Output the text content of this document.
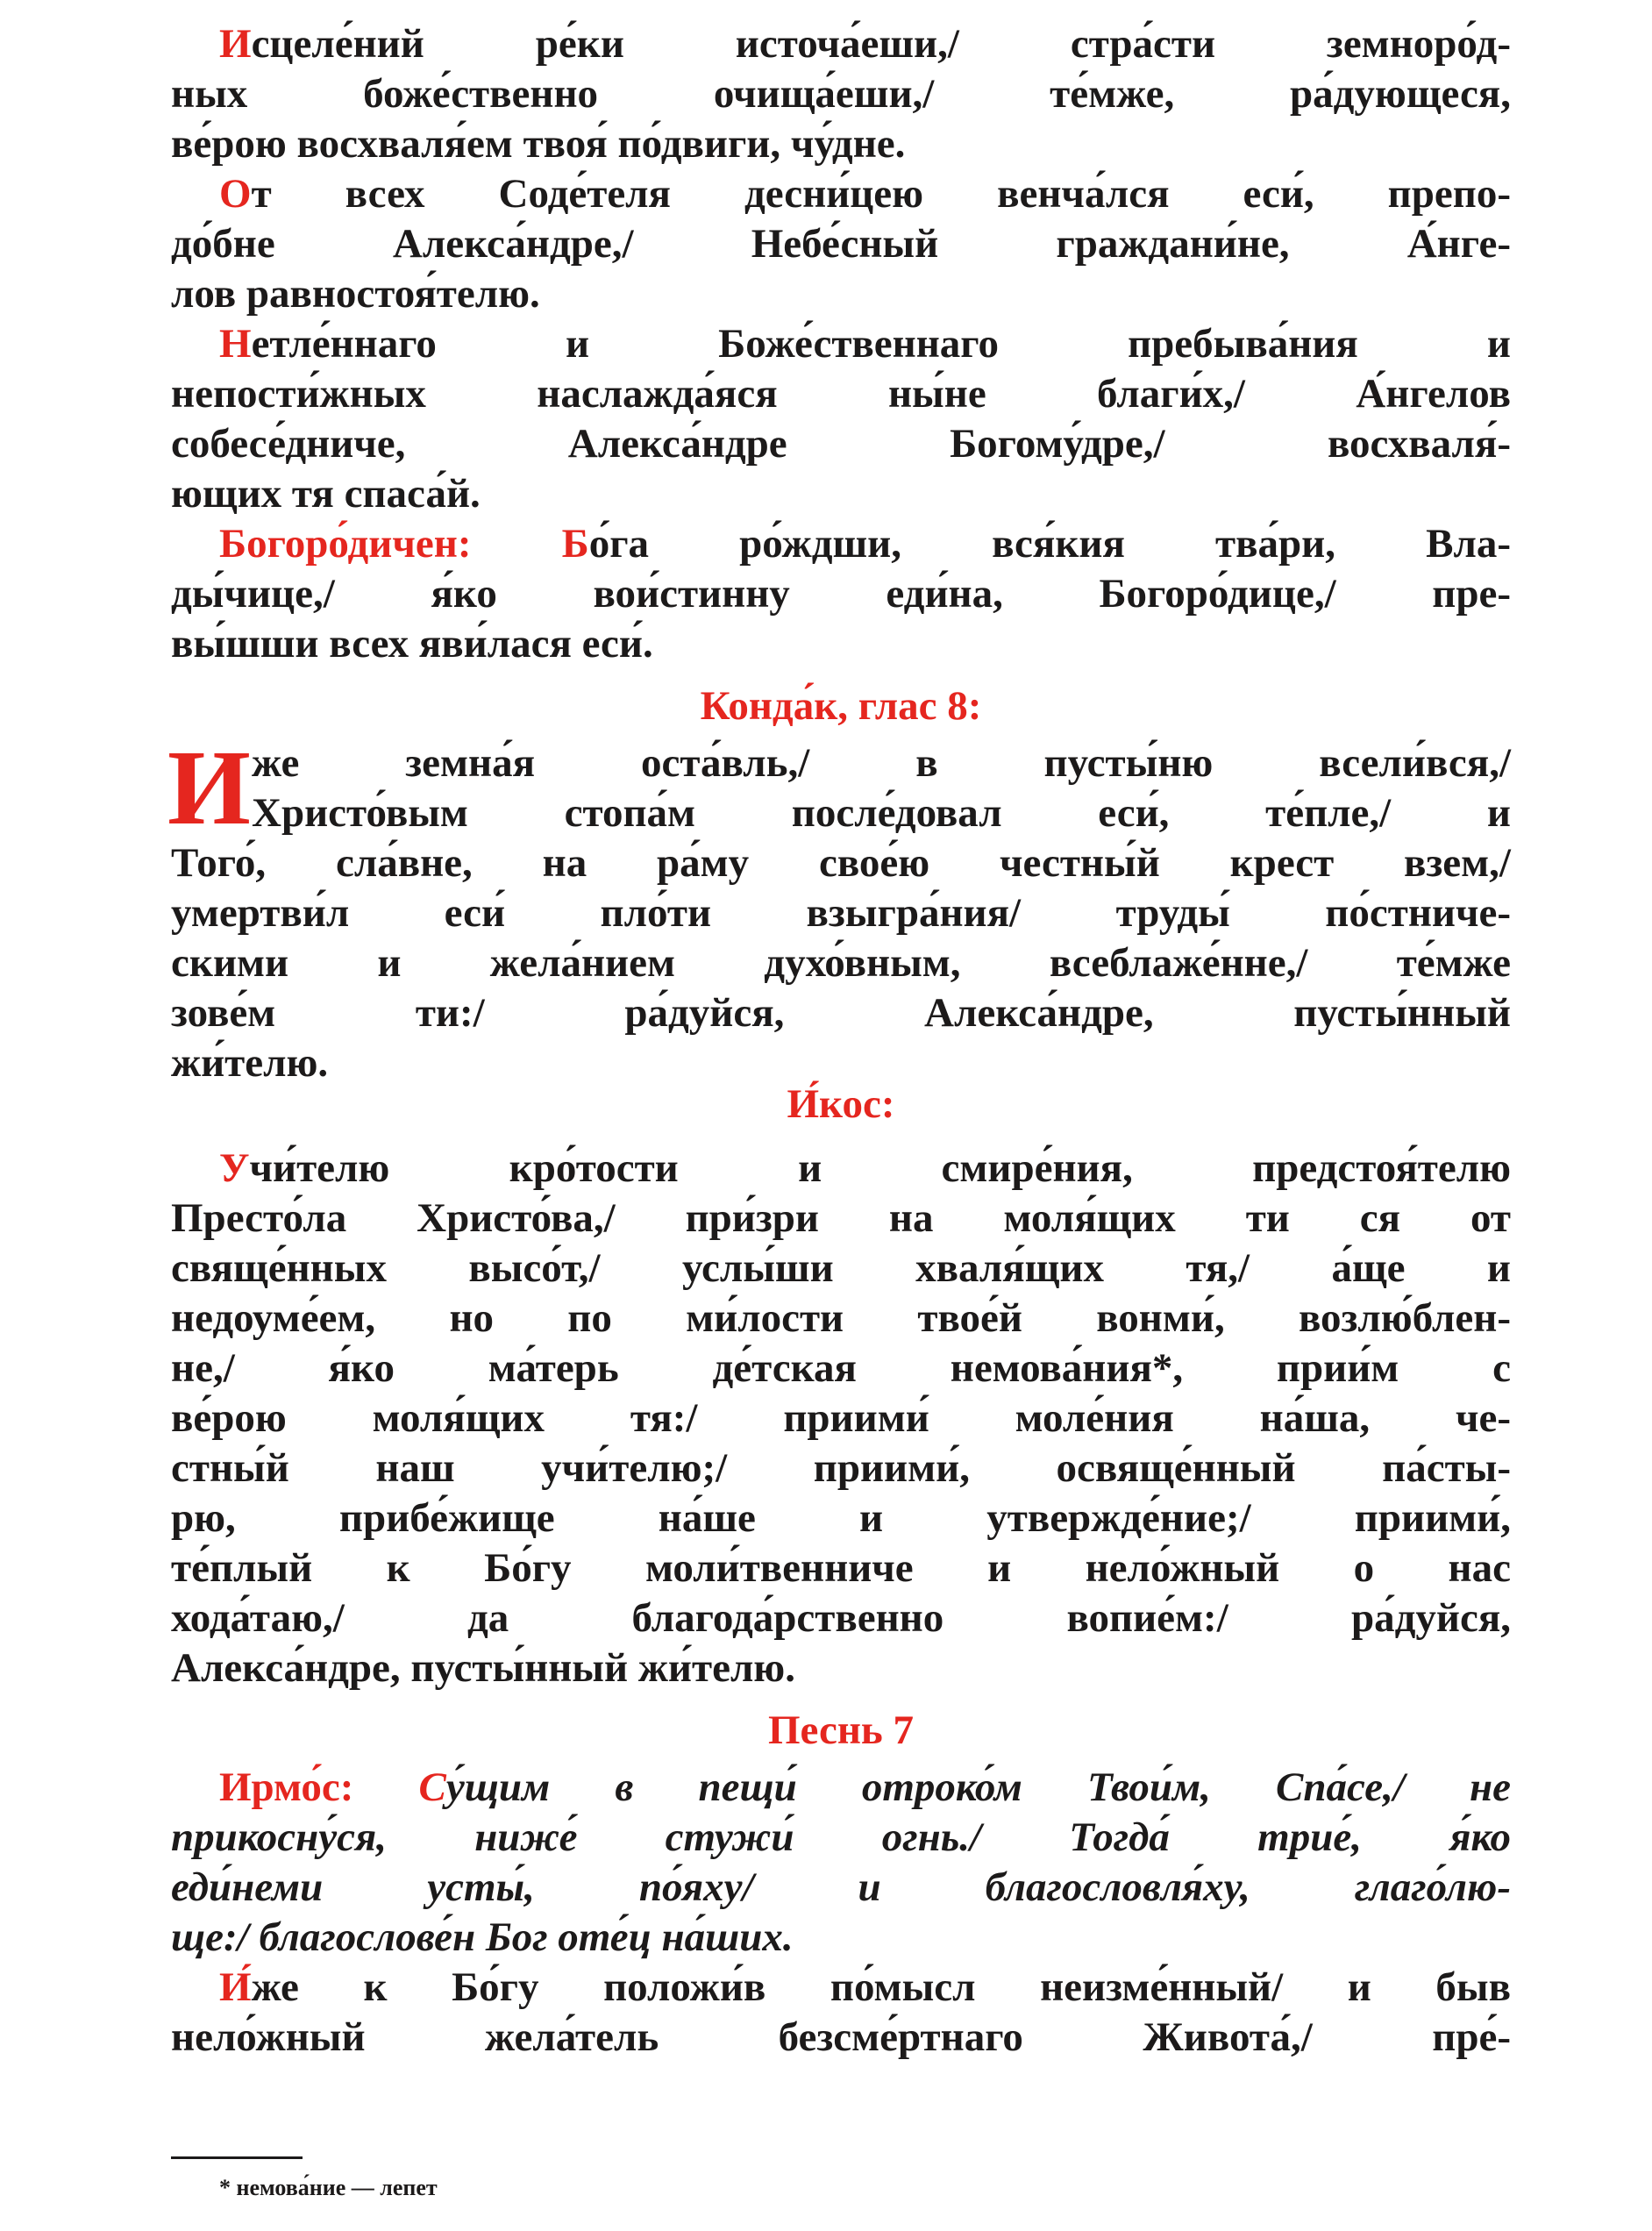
Исцеле́ний ре́ки источа́еши,/ стра́сти земноро́д-
ных боже́ственно очища́еши,/ те́мже, ра́дующеся,
ве́рою восхваля́ем твоя́ по́двиги, чу́дне.
От всех Соде́теля десни́цею венча́лся еси́, препо-
до́бне Алекса́ндре,/ Небе́сный граждани́не, А́нге-
лов равностоя́телю.
Нетле́ннаго и Боже́ственнаго пребыва́ния и
непости́жных наслажда́яся ны́не благи́х,/ А́нгелов
собесе́дниче, Алекса́ндре Богому́дре,/ восхваля́-
ющих тя спаса́й.
Богоро́дичен: Бо́га ро́ждши, вся́кия тва́ри, Вла-
ды́чице,/ я́ко вои́стинну еди́на, Богоро́дице,/ пре-
вы́шши всех яви́лася еси́.
Конда́к, глас 8:
И же земна́я оста́вль,/ в пусты́ню всели́вся,/
Христо́вым стопа́м после́довал еси́, те́пле,/ и
Того́, сла́вне, на ра́му свое́ю честны́й крест взем,/
умертви́л еси́ пло́ти взыгра́ния/ труды́ по́стниче-
скими и жела́нием духо́вным, всеблаже́нне,/ те́мже
зове́м ти:/ ра́дуйся, Алекса́ндре, пусты́нный
жи́телю.
И́кос:
Учи́телю кро́тости и смире́ния, предстоя́телю
Престо́ла Христо́ва,/ при́зри на моля́щих ти ся от
свяще́нных высо́т,/ услы́ши хваля́щих тя,/ а́ще и
недоуме́ем, но по ми́лости твое́й вонми́, возлю́блен-
не,/ я́ко ма́терь де́тская немова́ния*, прии́м с
ве́рою моля́щих тя:/ приими́ моле́ния на́ша, че-
стны́й наш учи́телю;/ приими́, освяще́нный па́сты-
рю, прибе́жище на́ше и утвержде́ние;/ приими́,
те́плый к Бо́гу моли́твенниче и нело́жный о нас
хода́таю,/ да благода́рственно вопие́м:/ ра́дуйся,
Алекса́ндре, пусты́нный жи́телю.
Песнь 7
Ирмо́с: Су́щим в пещи́ отроко́м Твои́м, Спа́се,/ не
прикосну́ся, ниже́ стужи́ огнь./ Тогда́ трие́, я́ко
еди́неми усты́, по́яху/ и благословля́ху, глаго́лю-
ще:/ благослове́н Бог оте́ц на́ших.
И́же к Бо́гу положи́в по́мысл неизме́нный/ и быв
нело́жный жела́тель безсме́ртнаго Живота́,/ пре́-
* немова́ние — лепет
